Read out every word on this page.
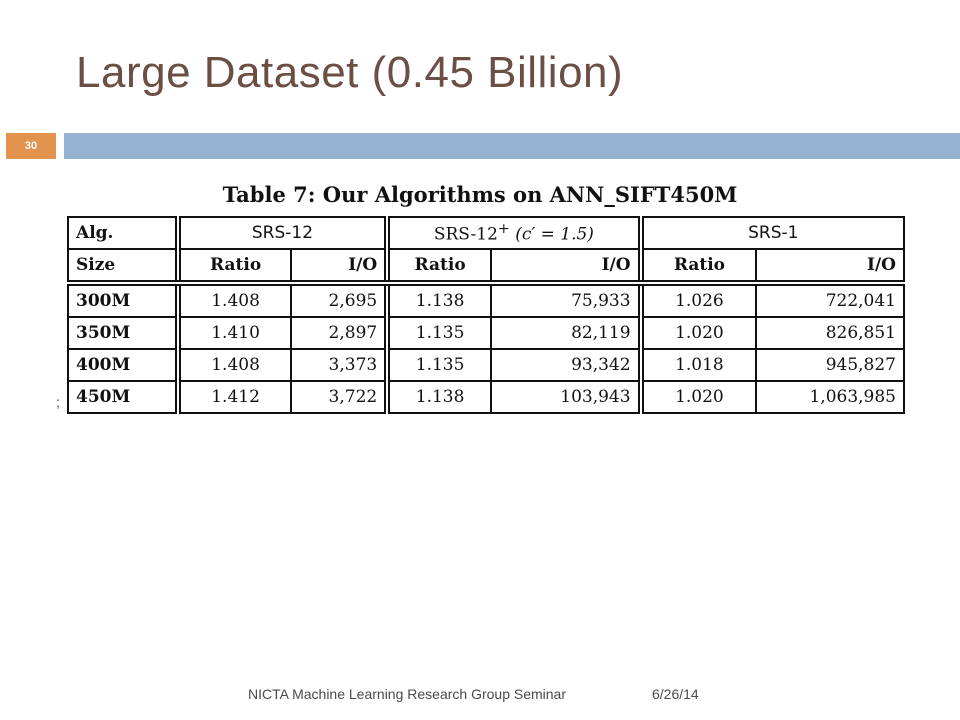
Large Dataset (0.45 Billion)
30
Table 7: Our Algorithms on ANN_SIFT450M
Alg.	SRS-12		SRS-12+ (c′ = 1.5)		SRS-1	
Size	Ratio	I/O	Ratio	I/O	Ratio	I/O
300M	1.408	2,695	1.138	75,933	1.026	722,041
350M	1.410	2,897	1.135	82,119	1.020	826,851
400M	1.408	3,373	1.135	93,342	1.018	945,827
450M	1.412	3,722	1.138	103,943	1.020	1,063,985
;
NICTA Machine Learning Research Group Seminar	6/26/14
